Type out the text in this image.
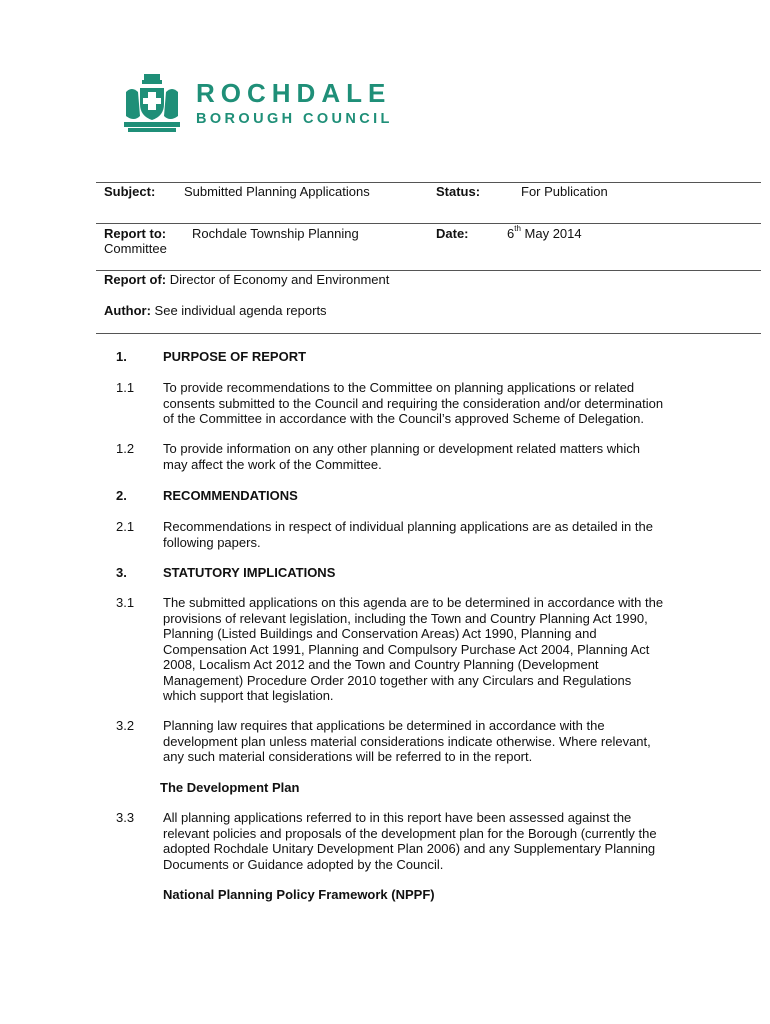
ROCHDALE
BOROUGH COUNCIL
Subject: Submitted Planning Applications	Status:	For Publication
Report to: Rochdale Township Planning
Committee
Date:	6th May 2014
Report of: Director of Economy and Environment
Author: See individual agenda reports
1.	PURPOSE OF REPORT
1.1	To provide recommendations to the Committee on planning applications or related
consents submitted to the Council and requiring the consideration and/or determination
of the Committee in accordance with the Council’s approved Scheme of Delegation.
1.2	To provide information on any other planning or development related matters which
may affect the work of the Committee.
2.	RECOMMENDATIONS
2.1	Recommendations in respect of individual planning applications are as detailed in the
following papers.
3.	STATUTORY IMPLICATIONS
3.1	The submitted applications on this agenda are to be determined in accordance with the
provisions of relevant legislation, including the Town and Country Planning Act 1990,
Planning (Listed Buildings and Conservation Areas) Act 1990, Planning and
Compensation Act 1991, Planning and Compulsory Purchase Act 2004, Planning Act
2008, Localism Act 2012 and the Town and Country Planning (Development
Management) Procedure Order 2010 together with any Circulars and Regulations
which support that legislation.
3.2	Planning law requires that applications be determined in accordance with the
development plan unless material considerations indicate otherwise. Where relevant,
any such material considerations will be referred to in the report.
The Development Plan
3.3	All planning applications referred to in this report have been assessed against the
relevant policies and proposals of the development plan for the Borough (currently the
adopted Rochdale Unitary Development Plan 2006) and any Supplementary Planning
Documents or Guidance adopted by the Council.
National Planning Policy Framework (NPPF)
